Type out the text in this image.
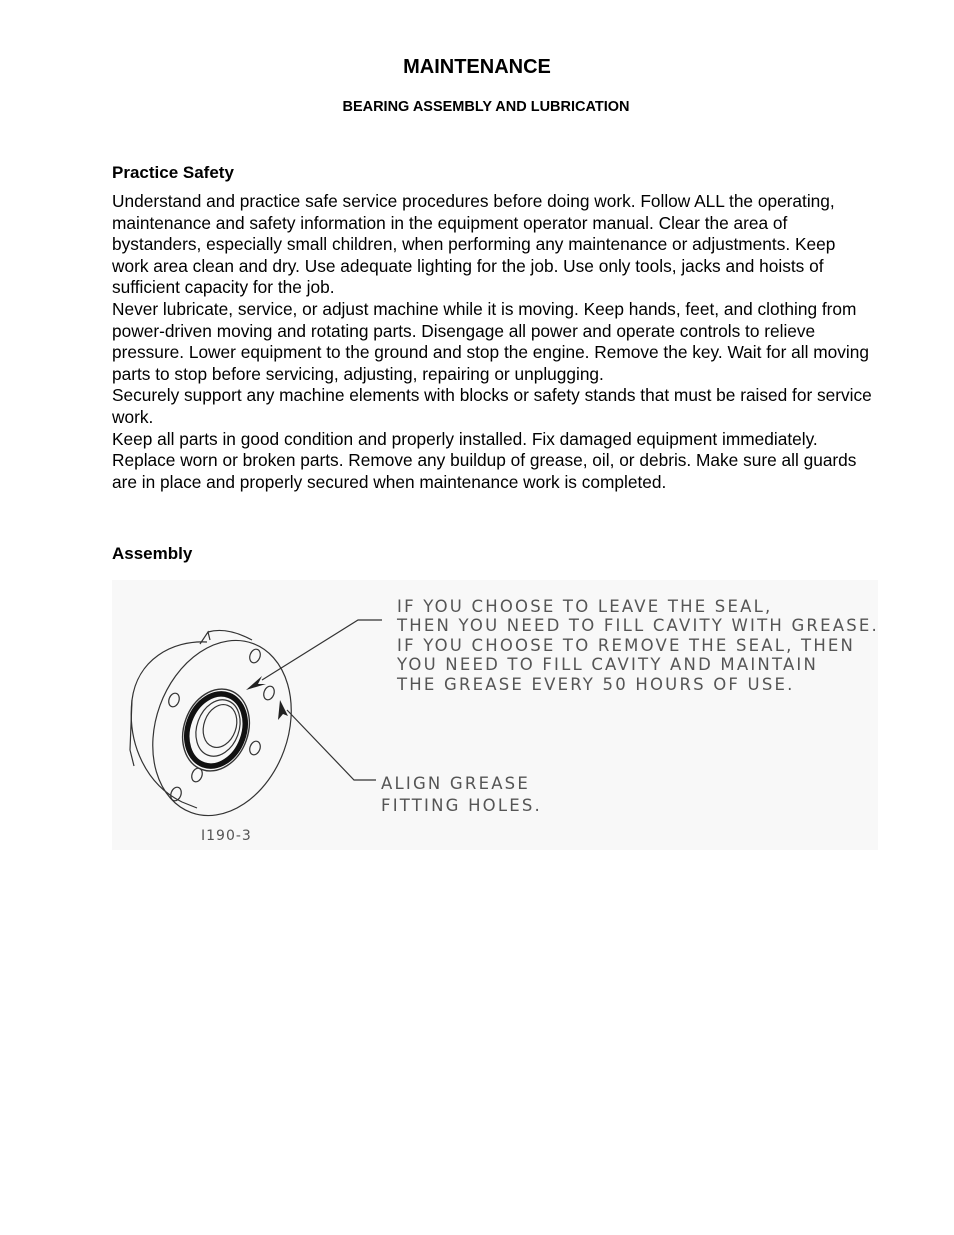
MAINTENANCE
BEARING ASSEMBLY AND LUBRICATION
Practice Safety

Understand and practice safe service procedures before doing work. Follow ALL the operating, maintenance and safety information in the equipment operator manual. Clear the area of bystanders, especially small children, when performing any maintenance or adjustments. Keep work area clean and dry. Use adequate lighting for the job. Use only tools, jacks and hoists of sufficient capacity for the job.

Never lubricate, service, or adjust machine while it is moving. Keep hands, feet, and clothing from power-driven moving and rotating parts. Disengage all power and operate controls to relieve pressure. Lower equipment to the ground and stop the engine. Remove the key. Wait for all moving parts to stop before servicing, adjusting, repairing or unplugging.

Securely support any machine elements with blocks or safety stands that must be raised for service work.

Keep all parts in good condition and properly installed. Fix damaged equipment immediately. Replace worn or broken parts. Remove any buildup of grease, oil, or debris. Make sure all guards are in place and properly secured when maintenance work is completed.

Assembly
IF YOU CHOOSE TO LEAVE THE SEAL,
THEN YOU NEED TO FILL CAVITY WITH GREASE.
IF YOU CHOOSE TO REMOVE THE SEAL, THEN
YOU NEED TO FILL CAVITY AND MAINTAIN
THE GREASE EVERY 50 HOURS OF USE.
ALIGN GREASE
FITTING HOLES.
I190-3
